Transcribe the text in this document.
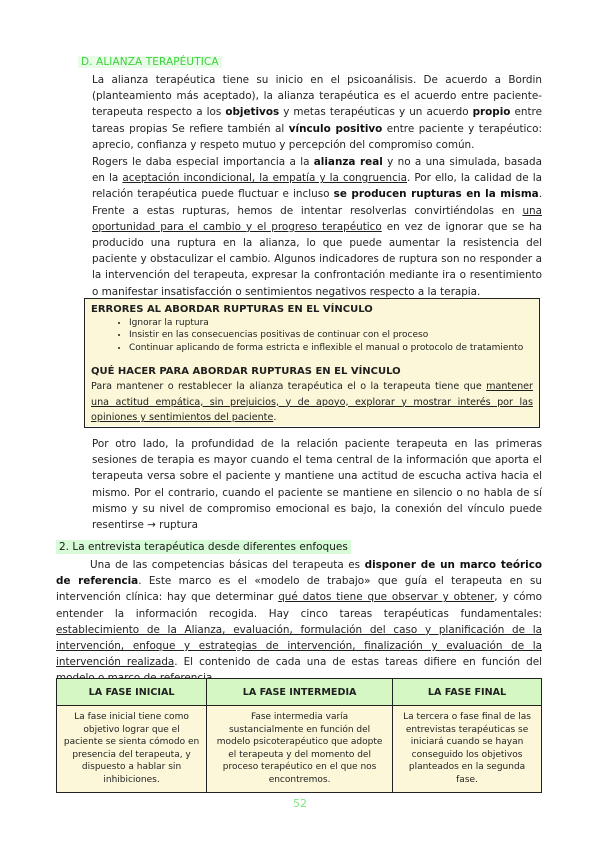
D. ALIANZA TERAPÉUTICA

La alianza terapéutica tiene su inicio en el psicoanálisis. De acuerdo a Bordin (planteamiento más aceptado), la alianza terapéutica es el acuerdo entre paciente-terapeuta respecto a los objetivos y metas terapéuticas y un acuerdo propio entre tareas propias Se refiere también al vínculo positivo entre paciente y terapéutico: aprecio, confianza y respeto mutuo y percepción del compromiso común.

Rogers le daba especial importancia a la alianza real y no a una simulada, basada en la aceptación incondicional, la empatía y la congruencia. Por ello, la calidad de la relación terapéutica puede fluctuar e incluso se producen rupturas en la misma. Frente a estas rupturas, hemos de intentar resolverlas convirtiéndolas en una oportunidad para el cambio y el progreso terapéutico en vez de ignorar que se ha producido una ruptura en la alianza, lo que puede aumentar la resistencia del paciente y obstaculizar el cambio. Algunos indicadores de ruptura son no responder a la intervención del terapeuta, expresar la confrontación mediante ira o resentimiento o manifestar insatisfacción o sentimientos negativos respecto a la terapia.

ERRORES AL ABORDAR RUPTURAS EN EL VÍNCULO

• Ignorar la ruptura
• Insistir en las consecuencias positivas de continuar con el proceso
• Continuar aplicando de forma estricta e inflexible el manual o protocolo de tratamiento

QUÉ HACER PARA ABORDAR RUPTURAS EN EL VÍNCULO

Para mantener o restablecer la alianza terapéutica el o la terapeuta tiene que mantener una actitud empática, sin prejuicios, y de apoyo, explorar y mostrar interés por las opiniones y sentimientos del paciente.

Por otro lado, la profundidad de la relación paciente terapeuta en las primeras sesiones de terapia es mayor cuando el tema central de la información que aporta el terapeuta versa sobre el paciente y mantiene una actitud de escucha activa hacia el mismo. Por el contrario, cuando el paciente se mantiene en silencio o no habla de sí mismo y su nivel de compromiso emocional es bajo, la conexión del vínculo puede resentirse → ruptura

2. La entrevista terapéutica desde diferentes enfoques

Una de las competencias básicas del terapeuta es disponer de un marco teórico de referencia. Este marco es el «modelo de trabajo» que guía el terapeuta en su intervención clínica: hay que determinar qué datos tiene que observar y obtener, y cómo entender la información recogida. Hay cinco tareas terapéuticas fundamentales: establecimiento de la Alianza, evaluación, formulación del caso y planificación de la intervención, enfoque y estrategias de intervención, finalización y evaluación de la intervención realizada. El contenido de cada una de estas tareas difiere en función del

LA FASE INICIAL	LA FASE INTERMEDIA	LA FASE FINAL
La fase inicial tiene como objetivo lograr que el paciente se sienta cómodo en presencia del terapeuta, y dispuesto a hablar sin inhibiciones.	Fase intermedia varía sustancialmente en función del modelo psicoterapéutico que adopte el terapeuta y del momento del proceso terapéutico en el que nos encontremos.	La tercera o fase final de las entrevistas terapéuticas se iniciará cuando se hayan conseguido los objetivos planteados en la segunda fase.
52
